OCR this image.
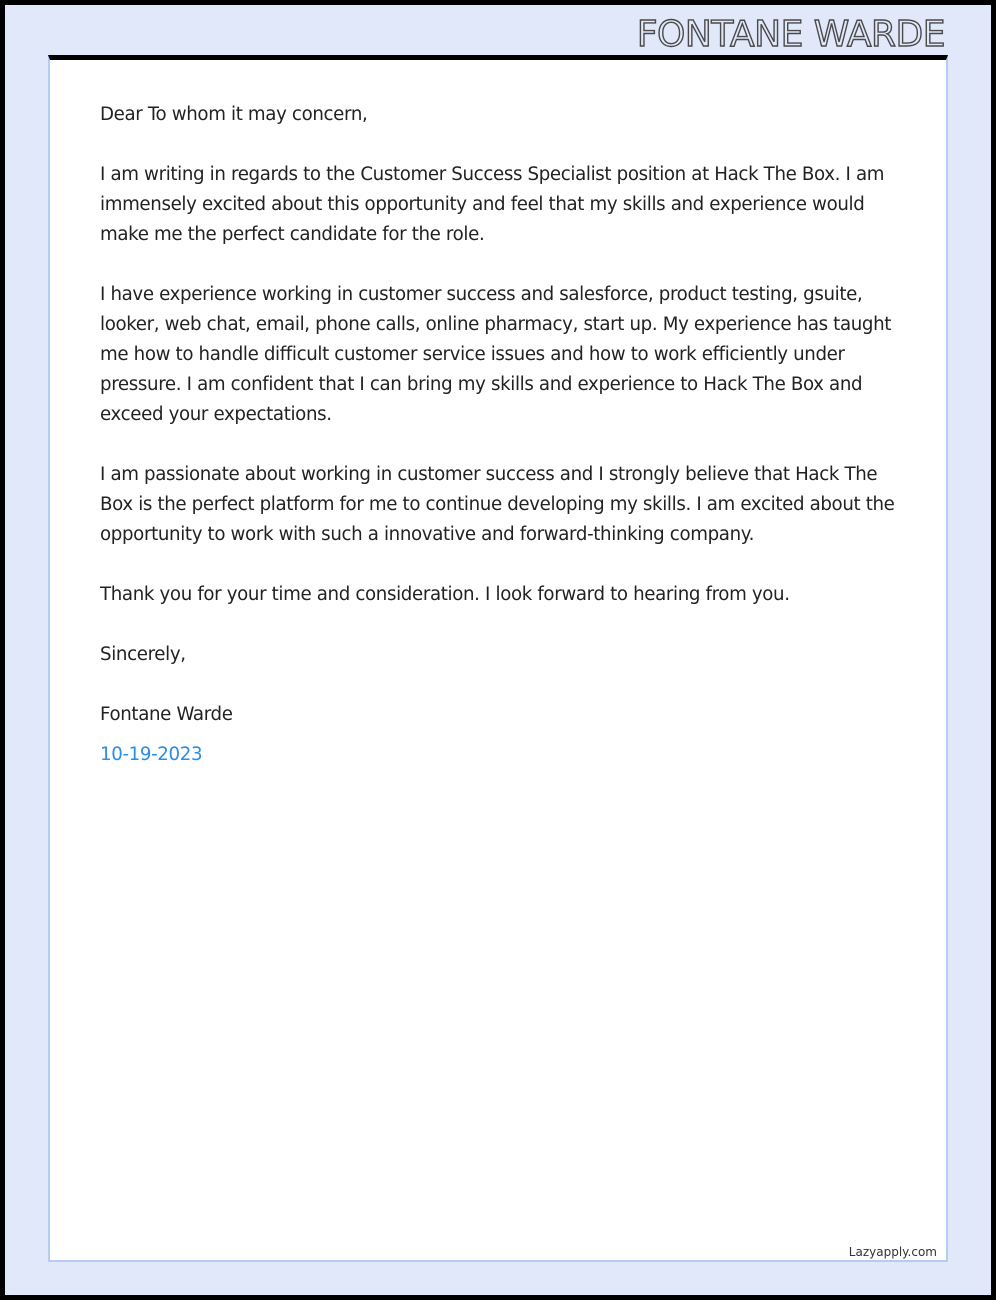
FONTANE WARDE

Dear To whom it may concern,

I am writing in regards to the Customer Success Specialist position at Hack The Box. I am immensely excited about this opportunity and feel that my skills and experience would make me the perfect candidate for the role.

I have experience working in customer success and salesforce, product testing, gsuite, looker, web chat, email, phone calls, online pharmacy, start up. My experience has taught me how to handle difficult customer service issues and how to work efficiently under pressure. I am confident that I can bring my skills and experience to Hack The Box and exceed your expectations.

I am passionate about working in customer success and I strongly believe that Hack The Box is the perfect platform for me to continue developing my skills. I am excited about the opportunity to work with such a innovative and forward-thinking company.

Thank you for your time and consideration. I look forward to hearing from you.

Sincerely,

Fontane Warde

10-19-2023

Lazyapply.com
